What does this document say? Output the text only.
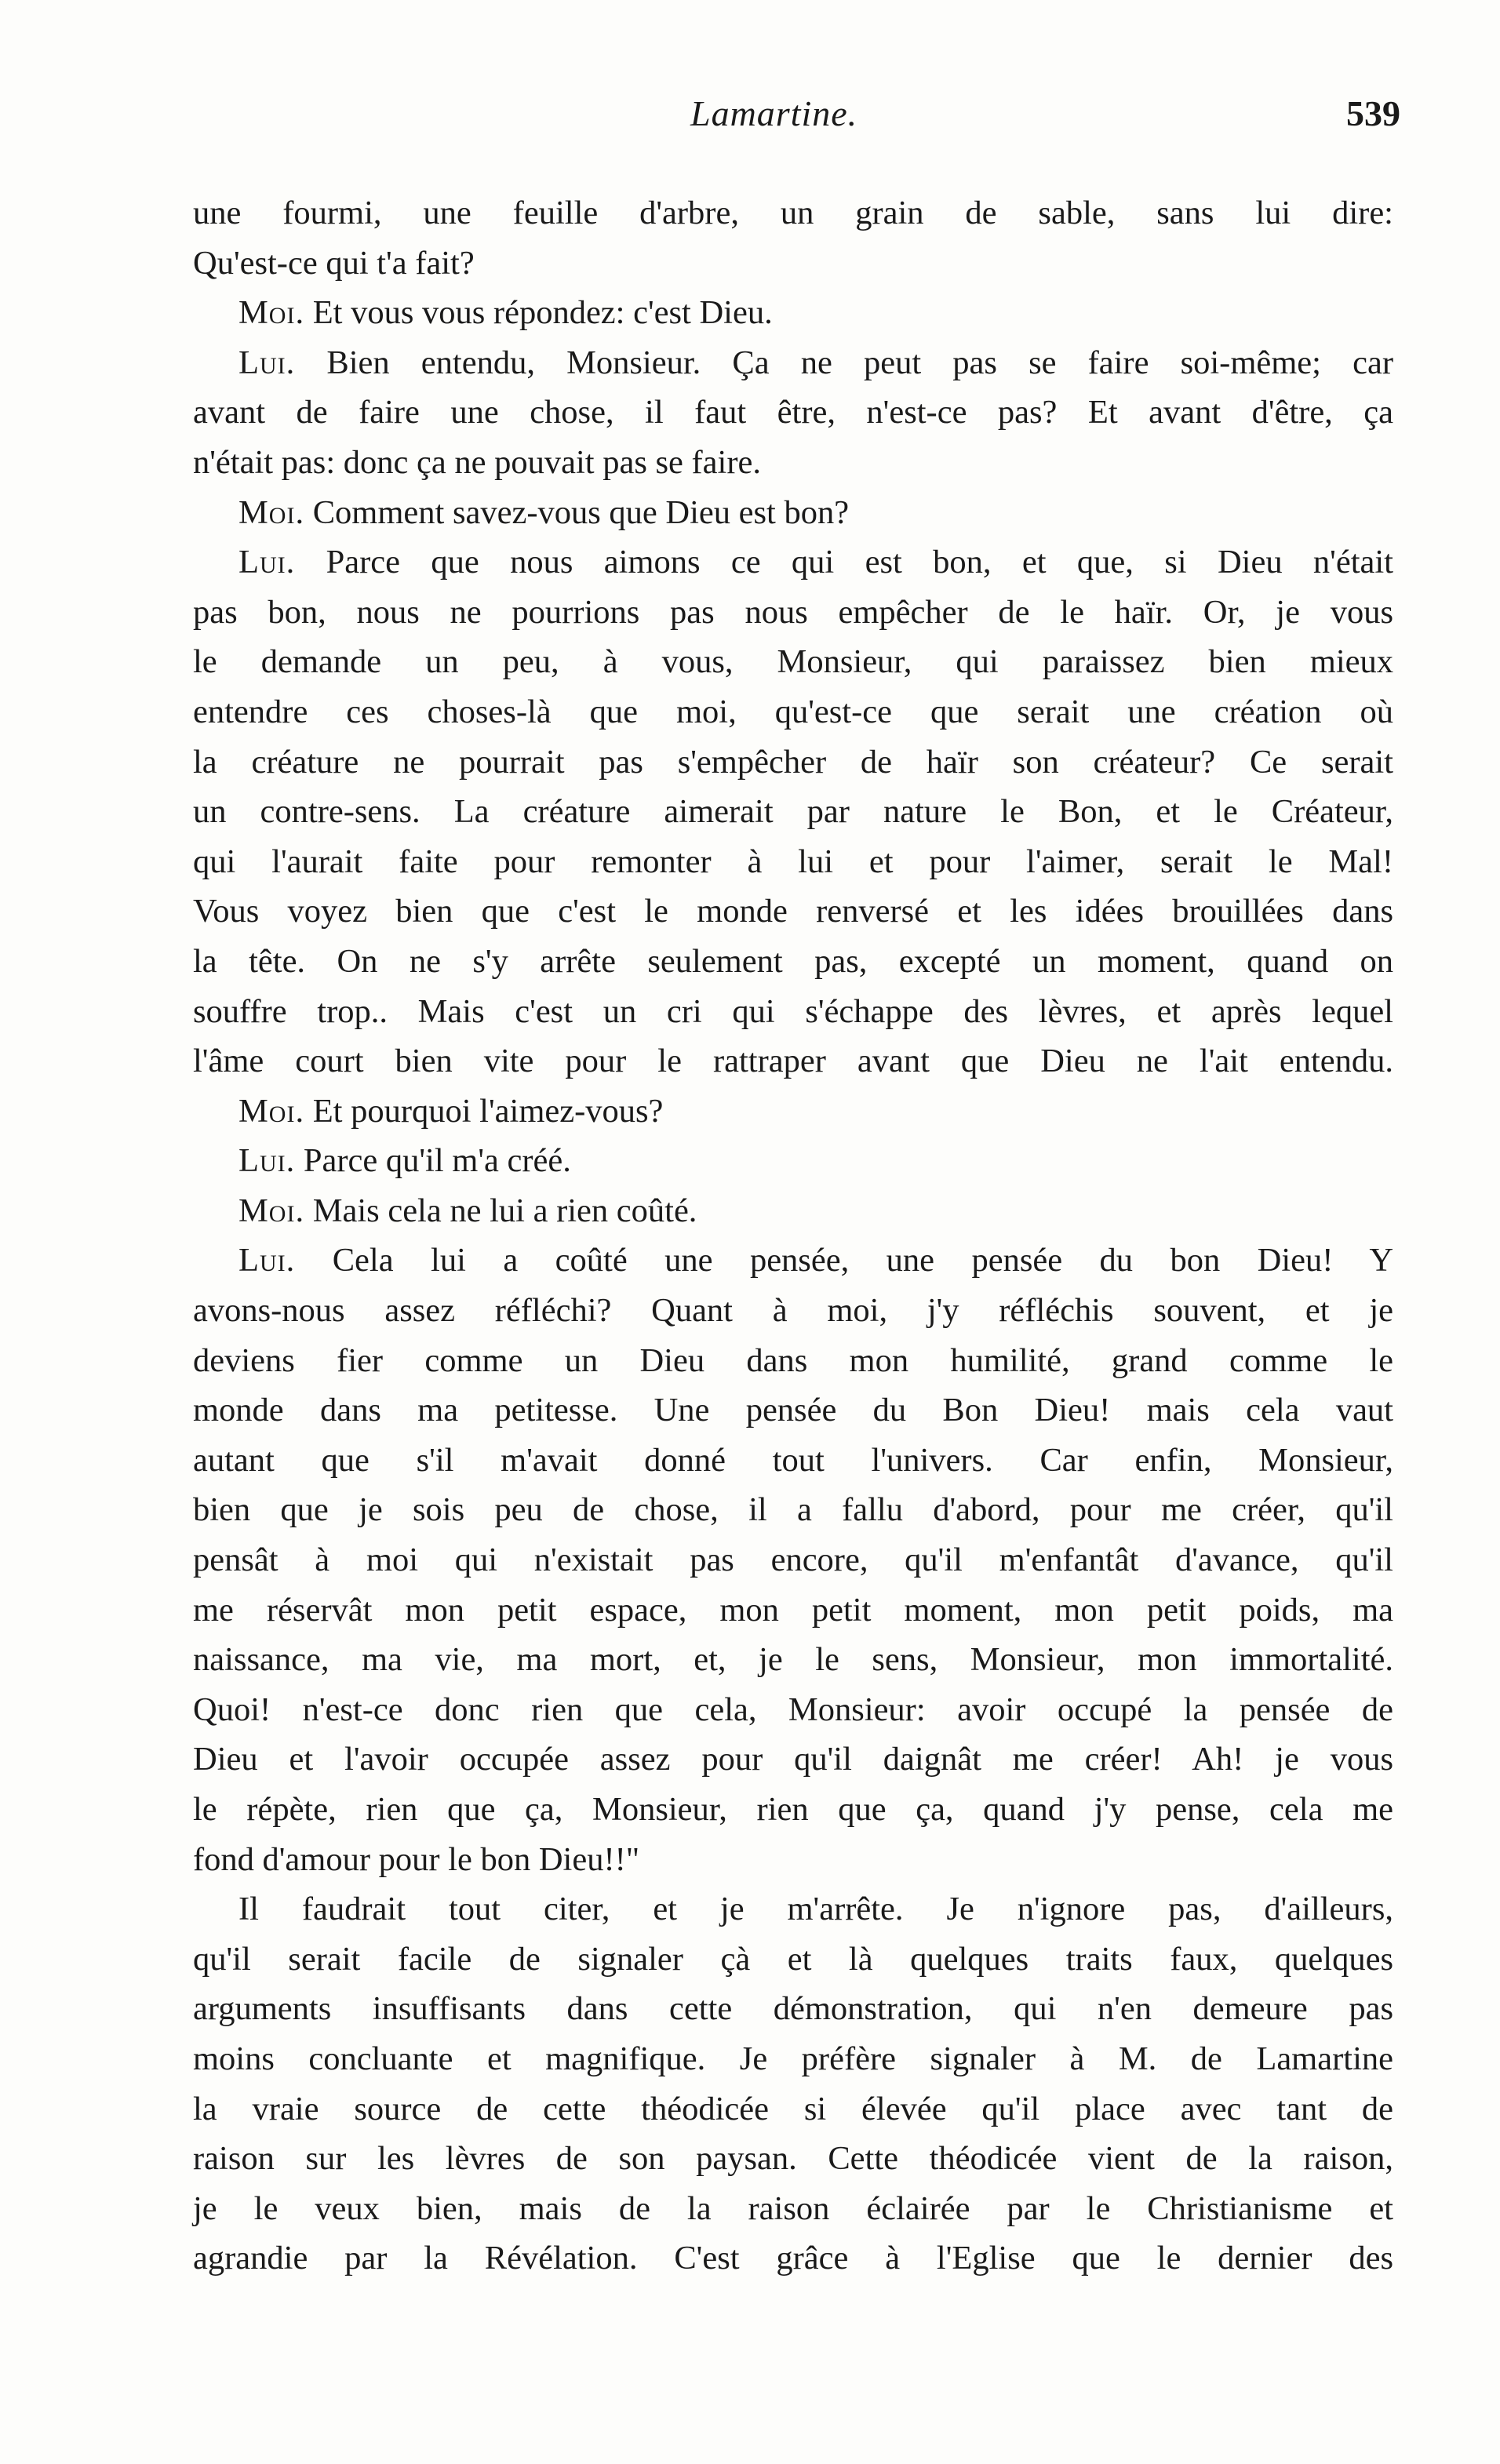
Lamartine.	539
une fourmi, une feuille d'arbre, un grain de sable, sans lui dire:
Qu'est-ce qui t'a fait?
Moi. Et vous vous répondez: c'est Dieu.
Lui. Bien entendu, Monsieur. Ça ne peut pas se faire soi-même; car
avant de faire une chose, il faut être, n'est-ce pas? Et avant d'être, ça
n'était pas: donc ça ne pouvait pas se faire.
Moi. Comment savez-vous que Dieu est bon?
Lui. Parce que nous aimons ce qui est bon, et que, si Dieu n'était
pas bon, nous ne pourrions pas nous empêcher de le haïr. Or, je vous
le demande un peu, à vous, Monsieur, qui paraissez bien mieux
entendre ces choses-là que moi, qu'est-ce que serait une création où
la créature ne pourrait pas s'empêcher de haïr son créateur? Ce serait
un contre-sens. La créature aimerait par nature le Bon, et le Créateur,
qui l'aurait faite pour remonter à lui et pour l'aimer, serait le Mal!
Vous voyez bien que c'est le monde renversé et les idées brouillées dans
la tête. On ne s'y arrête seulement pas, excepté un moment, quand on
souffre trop.. Mais c'est un cri qui s'échappe des lèvres, et après lequel
l'âme court bien vite pour le rattraper avant que Dieu ne l'ait entendu.
Moi. Et pourquoi l'aimez-vous?
Lui. Parce qu'il m'a créé.
Moi. Mais cela ne lui a rien coûté.
Lui. Cela lui a coûté une pensée, une pensée du bon Dieu! Y
avons-nous assez réfléchi? Quant à moi, j'y réfléchis souvent, et je
deviens fier comme un Dieu dans mon humilité, grand comme le
monde dans ma petitesse. Une pensée du Bon Dieu! mais cela vaut
autant que s'il m'avait donné tout l'univers. Car enfin, Monsieur,
bien que je sois peu de chose, il a fallu d'abord, pour me créer, qu'il
pensât à moi qui n'existait pas encore, qu'il m'enfantât d'avance, qu'il
me réservât mon petit espace, mon petit moment, mon petit poids, ma
naissance, ma vie, ma mort, et, je le sens, Monsieur, mon immortalité.
Quoi! n'est-ce donc rien que cela, Monsieur: avoir occupé la pensée de
Dieu et l'avoir occupée assez pour qu'il daignât me créer! Ah! je vous
le répète, rien que ça, Monsieur, rien que ça, quand j'y pense, cela me
fond d'amour pour le bon Dieu!!"
Il faudrait tout citer, et je m'arrête. Je n'ignore pas, d'ailleurs,
qu'il serait facile de signaler çà et là quelques traits faux, quelques
arguments insuffisants dans cette démonstration, qui n'en demeure pas
moins concluante et magnifique. Je préfère signaler à M. de Lamartine
la vraie source de cette théodicée si élevée qu'il place avec tant de
raison sur les lèvres de son paysan. Cette théodicée vient de la raison,
je le veux bien, mais de la raison éclairée par le Christianisme et
agrandie par la Révélation. C'est grâce à l'Eglise que le dernier des
